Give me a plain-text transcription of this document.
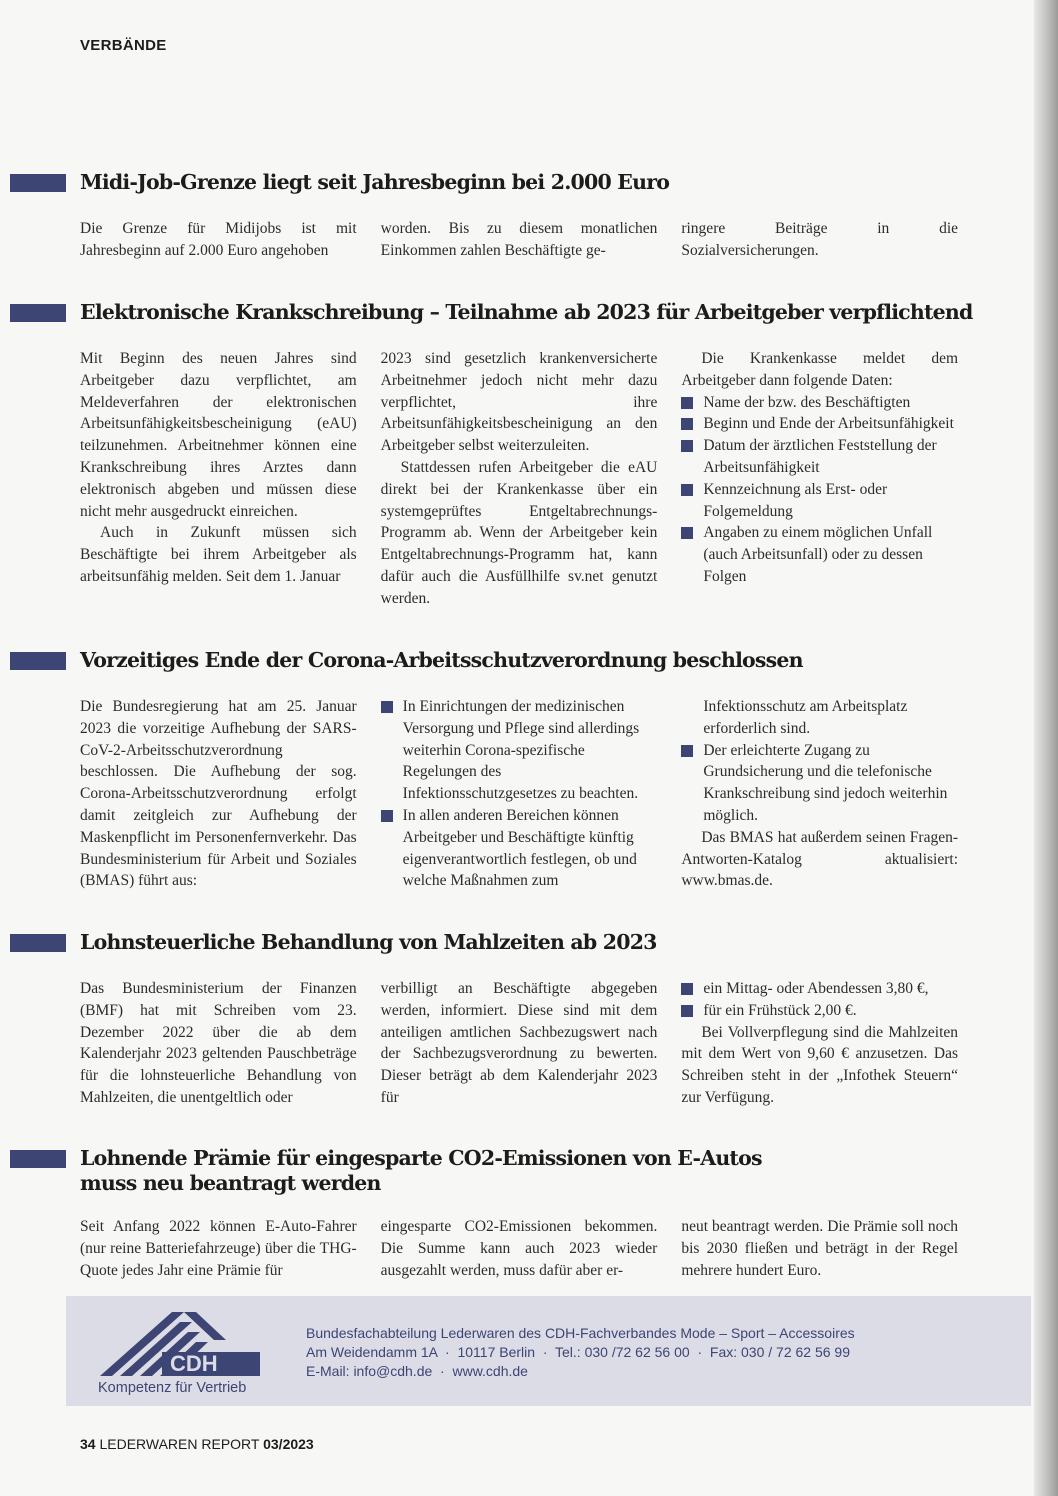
VERBÄNDE
Midi-Job-Grenze liegt seit Jahresbeginn bei 2.000 Euro

Die Grenze für Midijobs ist mit Jahresbeginn auf 2.000 Euro angehoben

worden. Bis zu diesem monatlichen Einkommen zahlen Beschäftigte ge-

ringere Beiträge in die Sozialversicherungen.

Elektronische Krankschreibung – Teilnahme ab 2023 für Arbeitgeber verpflichtend

Mit Beginn des neuen Jahres sind Arbeitgeber dazu verpflichtet, am Meldeverfahren der elektronischen Arbeitsunfähigkeitsbescheinigung (eAU) teilzunehmen. Arbeitnehmer können eine Krankschreibung ihres Arztes dann elektronisch abgeben und müssen diese nicht mehr ausgedruckt einreichen.

Auch in Zukunft müssen sich Beschäftigte bei ihrem Arbeitgeber als arbeitsunfähig melden. Seit dem 1. Januar

2023 sind gesetzlich krankenversicherte Arbeitnehmer jedoch nicht mehr dazu verpflichtet, ihre Arbeitsunfähigkeitsbescheinigung an den Arbeitgeber selbst weiterzuleiten.

Stattdessen rufen Arbeitgeber die eAU direkt bei der Krankenkasse über ein systemgeprüftes Entgeltabrechnungs-Programm ab. Wenn der Arbeitgeber kein Entgeltabrechnungs-Programm hat, kann dafür auch die Ausfüllhilfe sv.net genutzt werden.

Die Krankenkasse meldet dem Arbeitgeber dann folgende Daten:

Name der bzw. des Beschäftigten
Beginn und Ende der Arbeitsunfähigkeit
Datum der ärztlichen Feststellung der Arbeitsunfähigkeit
Kennzeichnung als Erst- oder Folgemeldung
Angaben zu einem möglichen Unfall (auch Arbeitsunfall) oder zu dessen Folgen
Vorzeitiges Ende der Corona-Arbeitsschutzverordnung beschlossen

Die Bundesregierung hat am 25. Januar 2023 die vorzeitige Aufhebung der SARS-CoV-2-Arbeitsschutzverordnung beschlossen. Die Aufhebung der sog. Corona-Arbeitsschutzverordnung erfolgt damit zeitgleich zur Aufhebung der Maskenpflicht im Personenfernverkehr. Das Bundesministerium für Arbeit und Soziales (BMAS) führt aus:

In Einrichtungen der medizinischen Versorgung und Pflege sind allerdings weiterhin Corona-spezifische Regelungen des Infektionsschutzgesetzes zu beachten.
In allen anderen Bereichen können Arbeitgeber und Beschäftigte künftig eigenverantwortlich festlegen, ob und welche Maßnahmen zum

Infektionsschutz am Arbeitsplatz erforderlich sind.

Der erleichterte Zugang zu Grundsicherung und die telefonische Krankschreibung sind jedoch weiterhin möglich.

Das BMAS hat außerdem seinen Fragen-Antworten-Katalog aktualisiert: www.bmas.de.

Lohnsteuerliche Behandlung von Mahlzeiten ab 2023

Das Bundesministerium der Finanzen (BMF) hat mit Schreiben vom 23. Dezember 2022 über die ab dem Kalenderjahr 2023 geltenden Pauschbeträge für die lohnsteuerliche Behandlung von Mahlzeiten, die unentgeltlich oder

verbilligt an Beschäftigte abgegeben werden, informiert. Diese sind mit dem anteiligen amtlichen Sachbezugswert nach der Sachbezugsverordnung zu bewerten. Dieser beträgt ab dem Kalenderjahr 2023 für

ein Mittag- oder Abendessen 3,80 €,
für ein Frühstück 2,00 €.

Bei Vollverpflegung sind die Mahlzeiten mit dem Wert von 9,60 € anzusetzen. Das Schreiben steht in der „Infothek Steuern“ zur Verfügung.

Lohnende Prämie für eingesparte CO2-Emissionen von E-Autos
muss neu beantragt werden

Seit Anfang 2022 können E-Auto-Fahrer (nur reine Batteriefahrzeuge) über die THG-Quote jedes Jahr eine Prämie für

eingesparte CO2-Emissionen bekommen. Die Summe kann auch 2023 wieder ausgezahlt werden, muss dafür aber er-

neut beantragt werden. Die Prämie soll noch bis 2030 fließen und beträgt in der Regel mehrere hundert Euro.

CDH
Kompetenz für Vertrieb
Bundesfachabteilung Lederwaren des CDH-Fachverbandes Mode – Sport – Accessoires
Am Weidendamm 1A  ·  10117 Berlin  ·  Tel.: 030 /72 62 56 00  ·  Fax: 030 / 72 62 56 99
E-Mail: info@cdh.de  ·  www.cdh.de
34 LEDERWAREN REPORT 03/2023
